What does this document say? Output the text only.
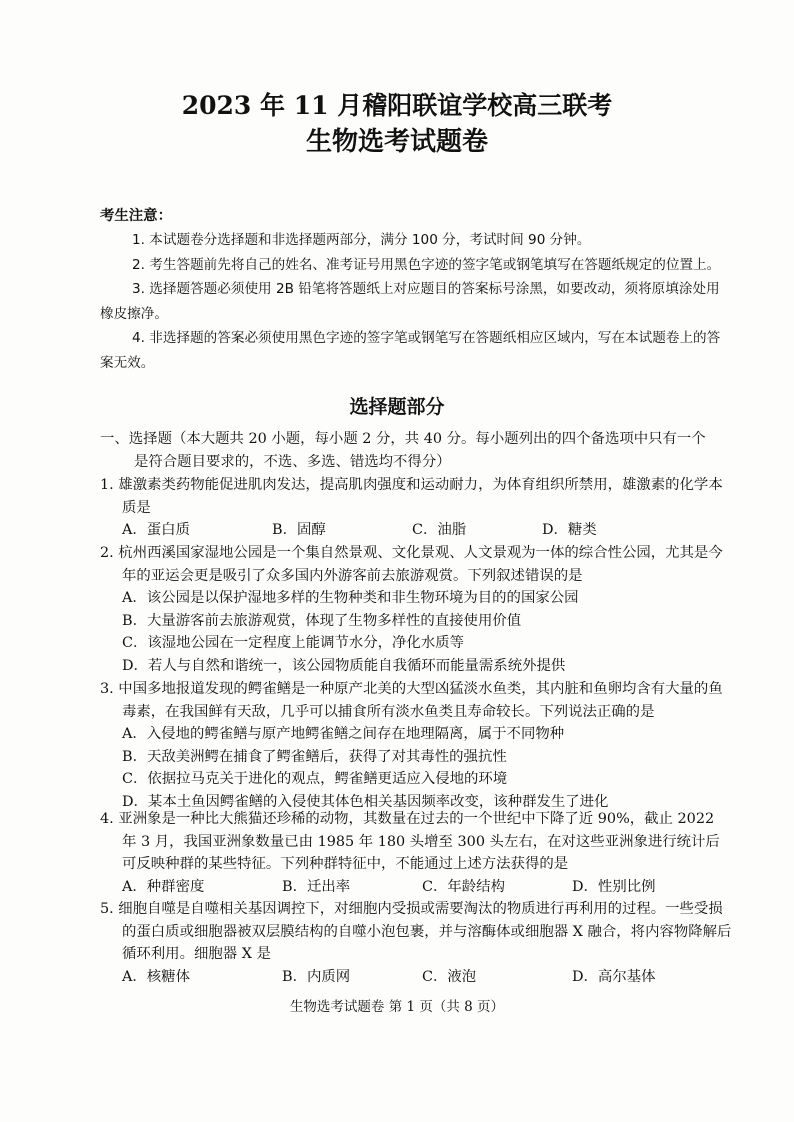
2023 年 11 月稽阳联谊学校高三联考
生物选考试题卷
考生注意：

1. 本试题卷分选择题和非选择题两部分，满分 100 分，考试时间 90 分钟。

2. 考生答题前先将自己的姓名、准考证号用黑色字迹的签字笔或钢笔填写在答题纸规定的位置上。

3. 选择题答题必须使用 2B 铅笔将答题纸上对应题目的答案标号涂黑，如要改动，须将原填涂处用橡皮擦净。

4. 非选择题的答案必须使用黑色字迹的签字笔或钢笔写在答题纸相应区域内，写在本试题卷上的答案无效。

选择题部分
一、选择题（本大题共 20 小题，每小题 2 分，共 40 分。每小题列出的四个备选项中只有一个
是符合题目要求的，不选、多选、错选均不得分）
1. 雄激素类药物能促进肌肉发达，提高肌肉强度和运动耐力，为体育组织所禁用，雄激素的化学本质是
A．蛋白质	B．固醇	C．油脂	D．糖类
2. 杭州西溪国家湿地公园是一个集自然景观、文化景观、人文景观为一体的综合性公园，尤其是今年的亚运会更是吸引了众多国内外游客前去旅游观赏。下列叙述错误的是
A．该公园是以保护湿地多样的生物种类和非生物环境为目的的国家公园
B．大量游客前去旅游观赏，体现了生物多样性的直接使用价值
C．该湿地公园在一定程度上能调节水分，净化水质等
D．若人与自然和谐统一，该公园物质能自我循环而能量需系统外提供
3. 中国多地报道发现的鳄雀鳝是一种原产北美的大型凶猛淡水鱼类，其内脏和鱼卵均含有大量的鱼毒素，在我国鲜有天敌，几乎可以捕食所有淡水鱼类且寿命较长。下列说法正确的是
A．入侵地的鳄雀鳝与原产地鳄雀鳝之间存在地理隔离，属于不同物种
B．天敌美洲鳄在捕食了鳄雀鳝后，获得了对其毒性的强抗性
C．依据拉马克关于进化的观点，鳄雀鳝更适应入侵地的环境
D．某本土鱼因鳄雀鳝的入侵使其体色相关基因频率改变，该种群发生了进化
4. 亚洲象是一种比大熊猫还珍稀的动物，其数量在过去的一个世纪中下降了近 90%，截止 2022 年 3 月，我国亚洲象数量已由 1985 年 180 头增至 300 头左右，在对这些亚洲象进行统计后可反映种群的某些特征。下列种群特征中，不能通过上述方法获得的是
A．种群密度	B．迁出率	C．年龄结构	D．性别比例
5. 细胞自噬是自噬相关基因调控下，对细胞内受损或需要淘汰的物质进行再利用的过程。一些受损的蛋白质或细胞器被双层膜结构的自噬小泡包裹，并与溶酶体或细胞器 X 融合，将内容物降解后循环利用。细胞器 X 是
A．核糖体	B．内质网	C．液泡	D．高尔基体
生物选考试题卷 第 1 页（共 8 页）
